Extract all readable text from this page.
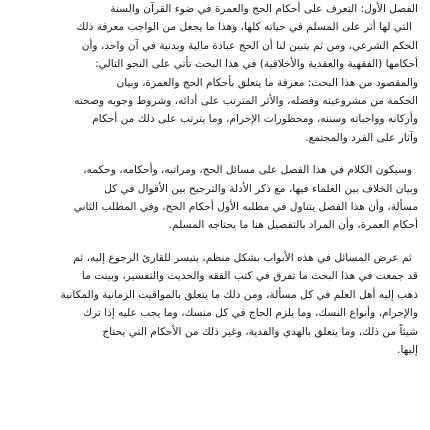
الفصل الأول: التعرف على أحكام الحج والعمرة في ضوء القرآن والسنة
التي لها أثر على المسلم في حياته كلها، وهذا ما يجعل من الواجب معرفة ذلك
الحكم الشرعي، ومن ثم يتبين لنا أن الحج عبادة مالية وبدنية في آن واحد، وأن
أحكامها (الفقهية والعقدية والأخلاقية) في هذا البحث تأتي على النحو التالي:
والمقصود من هذا البحث: معرفة ما يتعلق بأحكام الحج والعمرة، وبيان
الحكمة من مشروعيته وفضله، والأثر المترتب على أدائه، وشروط وجوبه وصحته
وأركانه وواجباته وسننه، ومحظورات الإحرام، وما يترتب على ذلك من أحكام
وآثار على الفرد والمجتمع.

وسيكون الكلام في هذا الفصل على مسائل الحج، ومراتبه، وأحكامه، وحكمه،
وبيان الخلاف بين العلماء فيها، مع ذكر الأدلة والترجيح بين الأقوال في كل
مسألة، وأن هذا الفصل يتناول في مطلبه الأول أحكام الحج، وفي المطلب الثاني
أحكام العمرة، وأن المراد بالتفصيل هنا ما يحتاجه المسلم.

ثم عرض المسائل في هذه الأبواب بشكل منظم، يتيسر للقارئ الرجوع إليه، ثم
قد جمعت في هذا البحث ما تفرق في كتب الفقه والحديث والتفسير، وبينت ما
ذهب إليه أهل العلم في كل مسألة، ومن ذلك ما يتعلق بالمواقيت الزمانية والمكانية
والإحرام، وأنواع النسك، وما يلزم الحاج في كل منسك، وما يجب عليه إذا ترك
شيئاً من ذلك، وما يتعلق بالهدي والفدية، وغير ذلك من الأحكام التي يحتاج
إليها.
